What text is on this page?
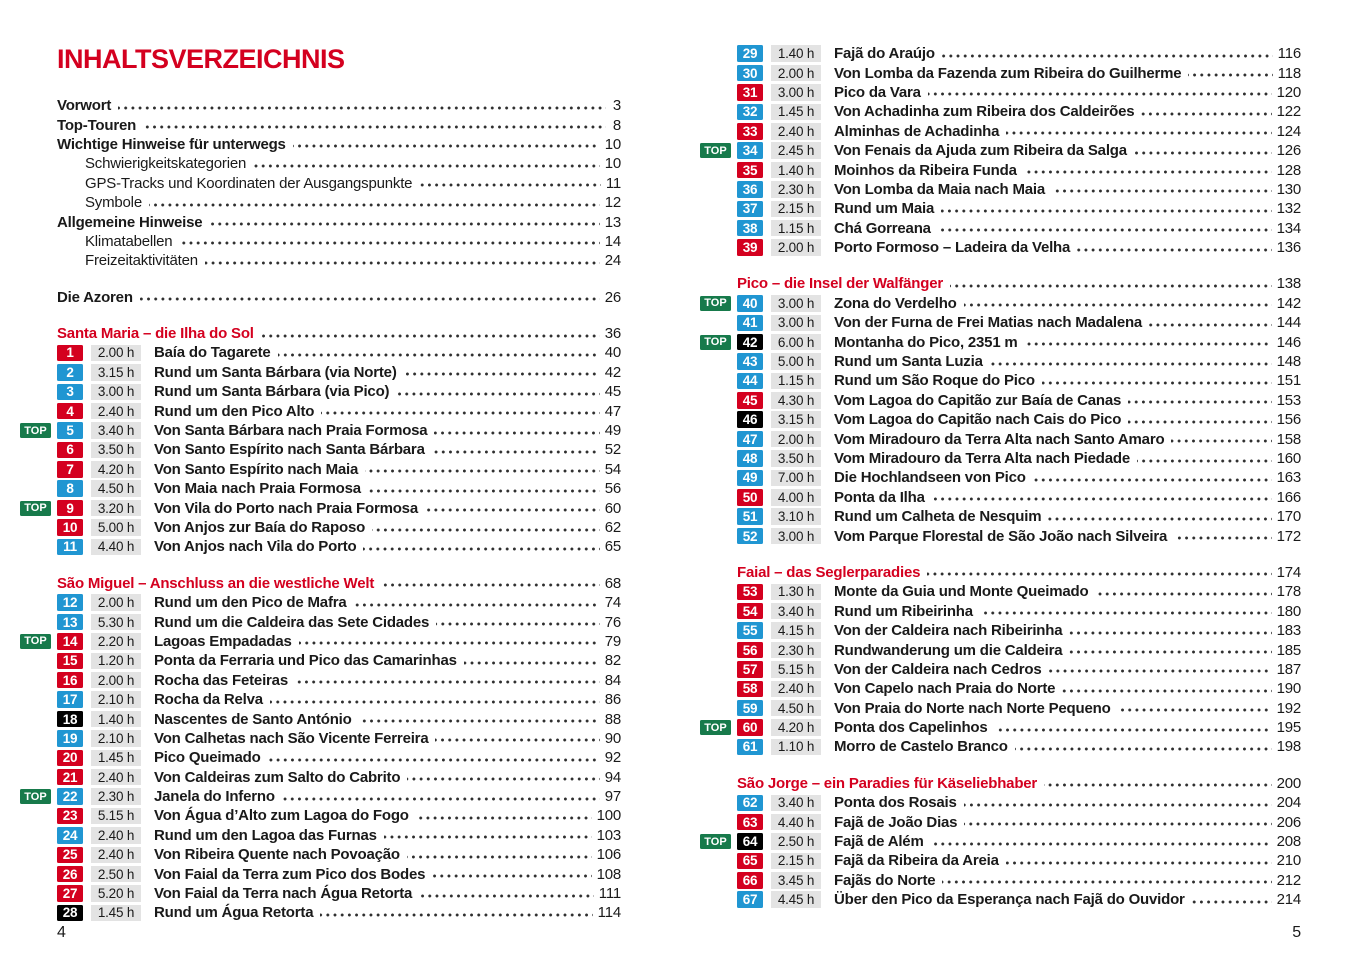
INHALTSVERZEICHNIS
Vorwort	3
Top-Touren	8
Wichtige Hinweise für unterwegs	10
Schwierigkeitskategorien	10
GPS-Tracks und Koordinaten der Ausgangspunkte	11
Symbole	12
Allgemeine Hinweise	13
Klimatabellen	14
Freizeitaktivitäten	24
Die Azoren	26
Santa Maria – die Ilha do Sol	36
1	2.00 h	Baía do Tagarete	40
2	3.15 h	Rund um Santa Bárbara (via Norte)	42
3	3.00 h	Rund um Santa Bárbara (via Pico)	45
4	2.40 h	Rund um den Pico Alto	47
TOP	5	3.40 h	Von Santa Bárbara nach Praia Formosa	49
6	3.50 h	Von Santo Espírito nach Santa Bárbara	52
7	4.20 h	Von Santo Espírito nach Maia	54
8	4.50 h	Von Maia nach Praia Formosa	56
TOP	9	3.20 h	Von Vila do Porto nach Praia Formosa	60
10	5.00 h	Von Anjos zur Baía do Raposo	62
11	4.40 h	Von Anjos nach Vila do Porto	65
São Miguel – Anschluss an die westliche Welt	68
12	2.00 h	Rund um den Pico de Mafra	74
13	5.30 h	Rund um die Caldeira das Sete Cidades	76
TOP	14	2.20 h	Lagoas Empadadas	79
15	1.20 h	Ponta da Ferraria und Pico das Camarinhas	82
16	2.00 h	Rocha das Feteiras	84
17	2.10 h	Rocha da Relva	86
18	1.40 h	Nascentes de Santo António	88
19	2.10 h	Von Calhetas nach São Vicente Ferreira	90
20	1.45 h	Pico Queimado	92
21	2.40 h	Von Caldeiras zum Salto do Cabrito	94
TOP	22	2.30 h	Janela do Inferno	97
23	5.15 h	Von Água d’Alto zum Lagoa do Fogo	100
24	2.40 h	Rund um den Lagoa das Furnas	103
25	2.40 h	Von Ribeira Quente nach Povoação	106
26	2.50 h	Von Faial da Terra zum Pico dos Bodes	108
27	5.20 h	Von Faial da Terra nach Água Retorta	111
28	1.45 h	Rund um Água Retorta	114
29	1.40 h	Fajã do Araújo	116
30	2.00 h	Von Lomba da Fazenda zum Ribeira do Guilherme	118
31	3.00 h	Pico da Vara	120
32	1.45 h	Von Achadinha zum Ribeira dos Caldeirões	122
33	2.40 h	Alminhas de Achadinha	124
TOP	34	2.45 h	Von Fenais da Ajuda zum Ribeira da Salga	126
35	1.40 h	Moinhos da Ribeira Funda	128
36	2.30 h	Von Lomba da Maia nach Maia	130
37	2.15 h	Rund um Maia	132
38	1.15 h	Chá Gorreana	134
39	2.00 h	Porto Formoso – Ladeira da Velha	136
Pico – die Insel der Walfänger	138
TOP	40	3.00 h	Zona do Verdelho	142
41	3.00 h	Von der Furna de Frei Matias nach Madalena	144
TOP	42	6.00 h	Montanha do Pico, 2351 m	146
43	5.00 h	Rund um Santa Luzia	148
44	1.15 h	Rund um São Roque do Pico	151
45	4.30 h	Vom Lagoa do Capitão zur Baía de Canas	153
46	3.15 h	Vom Lagoa do Capitão nach Cais do Pico	156
47	2.00 h	Vom Miradouro da Terra Alta nach Santo Amaro	158
48	3.50 h	Vom Miradouro da Terra Alta nach Piedade	160
49	7.00 h	Die Hochlandseen von Pico	163
50	4.00 h	Ponta da Ilha	166
51	3.10 h	Rund um Calheta de Nesquim	170
52	3.00 h	Vom Parque Florestal de São João nach Silveira	172
Faial – das Seglerparadies	174
53	1.30 h	Monte da Guia und Monte Queimado	178
54	3.40 h	Rund um Ribeirinha	180
55	4.15 h	Von der Caldeira nach Ribeirinha	183
56	2.30 h	Rundwanderung um die Caldeira	185
57	5.15 h	Von der Caldeira nach Cedros	187
58	2.40 h	Von Capelo nach Praia do Norte	190
59	4.50 h	Von Praia do Norte nach Norte Pequeno	192
TOP	60	4.20 h	Ponta dos Capelinhos	195
61	1.10 h	Morro de Castelo Branco	198
São Jorge – ein Paradies für Käseliebhaber	200
62	3.40 h	Ponta dos Rosais	204
63	4.40 h	Fajã de João Dias	206
TOP	64	2.50 h	Fajã de Além	208
65	2.15 h	Fajã da Ribeira da Areia	210
66	3.45 h	Fajãs do Norte	212
67	4.45 h	Über den Pico da Esperança nach Fajã do Ouvidor	214
4	5
